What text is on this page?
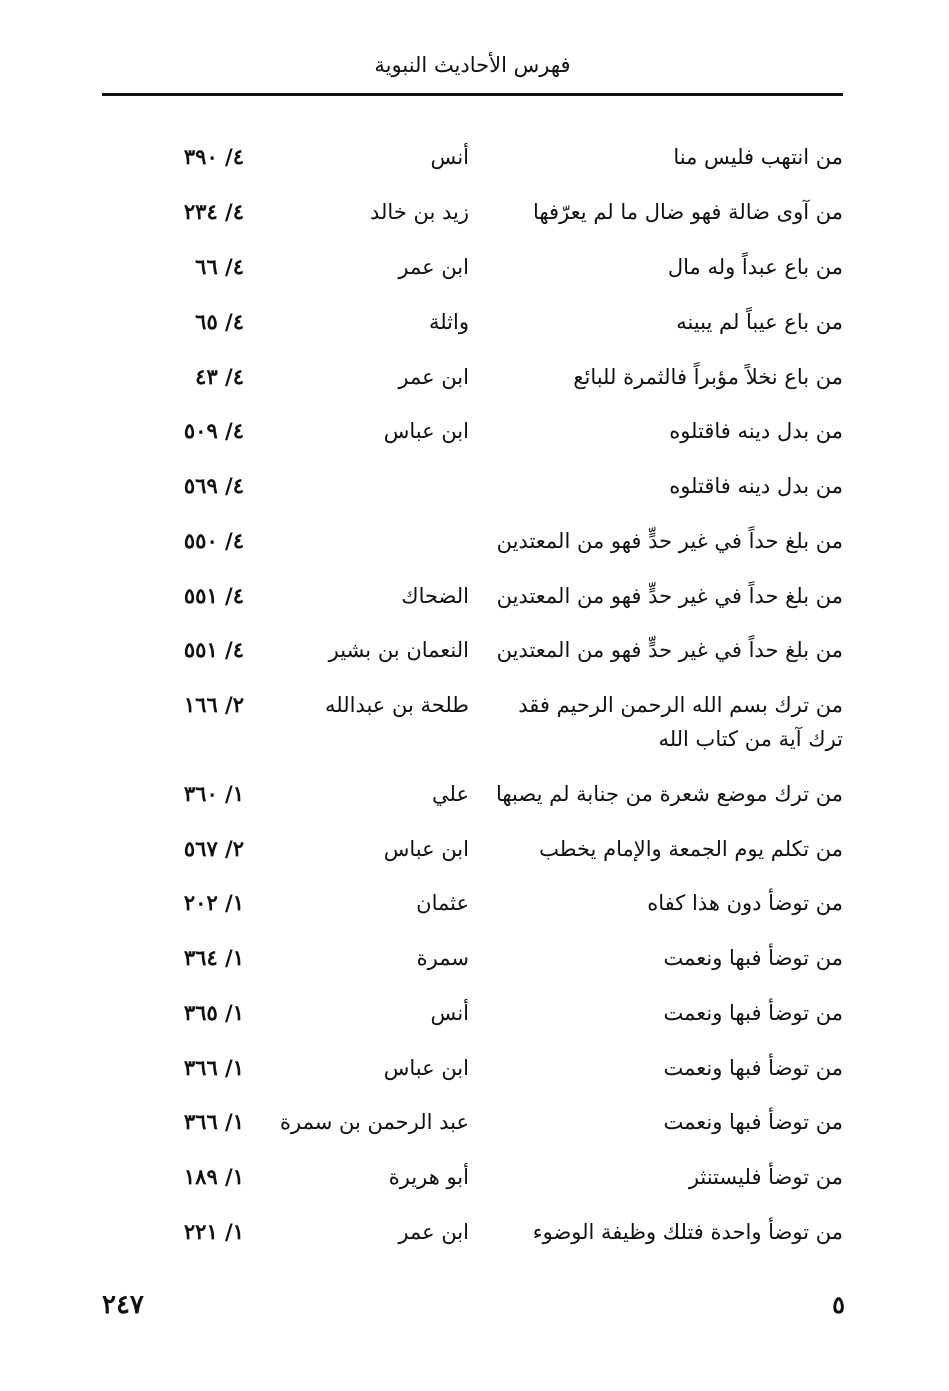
فهرس الأحاديث النبوية
من انتهب فليس منا
أنس
٤/ ٣٩٠
من آوى ضالة فهو ضال ما لم يعرّفها
زيد بن خالد
٤/ ٢٣٤
من باع عبداً وله مال
ابن عمر
٤/ ٦٦
من باع عيباً لم يبينه
واثلة
٤/ ٦٥
من باع نخلاً مؤبراً فالثمرة للبائع
ابن عمر
٤/ ٤٣
من بدل دينه فاقتلوه
ابن عباس
٤/ ٥٠٩
من بدل دينه فاقتلوه
٤/ ٥٦٩
من بلغ حداً في غير حدٍّ فهو من المعتدين
٤/ ٥٥٠
من بلغ حداً في غير حدٍّ فهو من المعتدين
الضحاك
٤/ ٥٥١
من بلغ حداً في غير حدٍّ فهو من المعتدين
النعمان بن بشير
٤/ ٥٥١
من ترك بسم الله الرحمن الرحيم فقد ترك آية من كتاب الله
طلحة بن عبدالله
٢/ ١٦٦
من ترك موضع شعرة من جنابة لم يصبها
علي
١/ ٣٦٠
من تكلم يوم الجمعة والإمام يخطب
ابن عباس
٢/ ٥٦٧
من توضأ دون هذا كفاه
عثمان
١/ ٢٠٢
من توضأ فبها ونعمت
سمرة
١/ ٣٦٤
من توضأ فبها ونعمت
أنس
١/ ٣٦٥
من توضأ فبها ونعمت
ابن عباس
١/ ٣٦٦
من توضأ فبها ونعمت
عبد الرحمن بن سمرة
١/ ٣٦٦
من توضأ فليستنثر
أبو هريرة
١/ ١٨٩
من توضأ واحدة فتلك وظيفة الوضوء
ابن عمر
١/ ٢٢١
٥
٢٤٧
